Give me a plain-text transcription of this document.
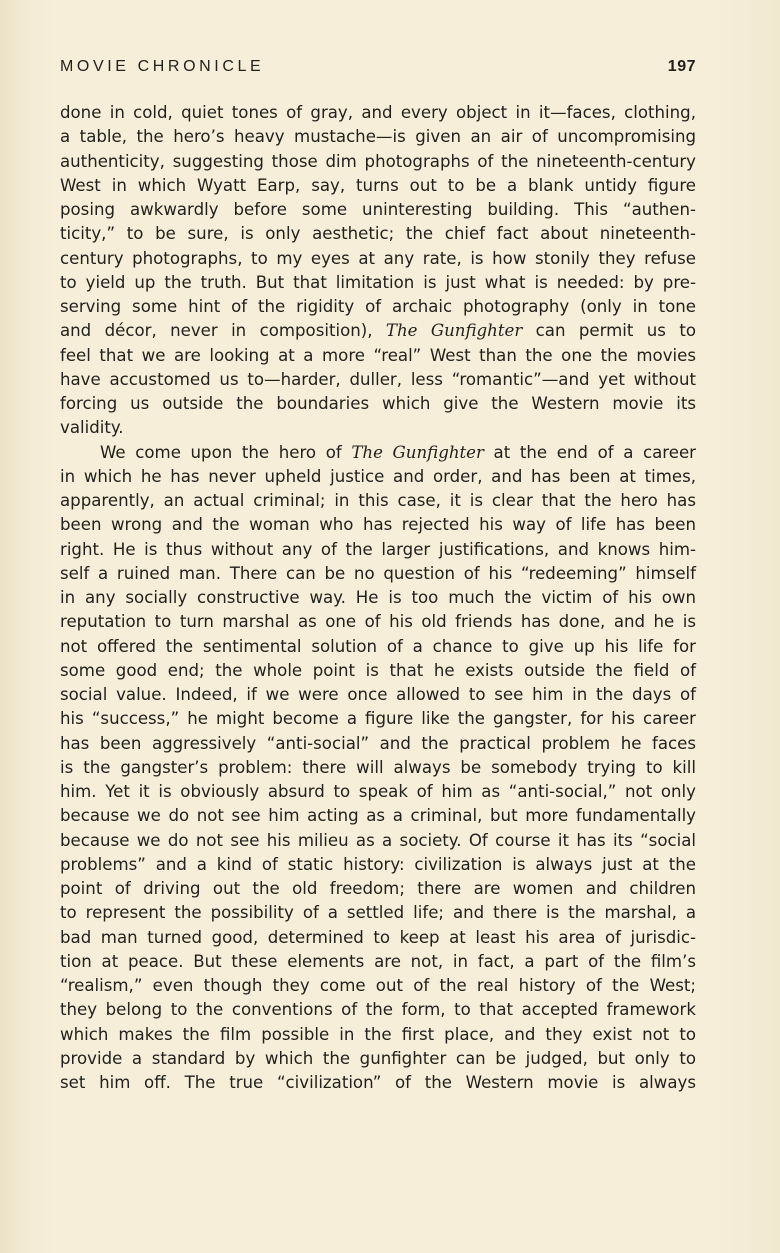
MOVIE CHRONICLE	197
done in cold, quiet tones of gray, and every object in it—faces, clothing,
a table, the hero’s heavy mustache—is given an air of uncompromising
authenticity, suggesting those dim photographs of the nineteenth-century
West in which Wyatt Earp, say, turns out to be a blank untidy figure
posing awkwardly before some uninteresting building. This “authen-
ticity,” to be sure, is only aesthetic; the chief fact about nineteenth-
century photographs, to my eyes at any rate, is how stonily they refuse
to yield up the truth. But that limitation is just what is needed: by pre-
serving some hint of the rigidity of archaic photography (only in tone
and décor, never in composition), The Gunfighter can permit us to
feel that we are looking at a more “real” West than the one the movies
have accustomed us to—harder, duller, less “romantic”—and yet without
forcing us outside the boundaries which give the Western movie its
validity.
We come upon the hero of The Gunfighter at the end of a career
in which he has never upheld justice and order, and has been at times,
apparently, an actual criminal; in this case, it is clear that the hero has
been wrong and the woman who has rejected his way of life has been
right. He is thus without any of the larger justifications, and knows him-
self a ruined man. There can be no question of his “redeeming” himself
in any socially constructive way. He is too much the victim of his own
reputation to turn marshal as one of his old friends has done, and he is
not offered the sentimental solution of a chance to give up his life for
some good end; the whole point is that he exists outside the field of
social value. Indeed, if we were once allowed to see him in the days of
his “success,” he might become a figure like the gangster, for his career
has been aggressively “anti-social” and the practical problem he faces
is the gangster’s problem: there will always be somebody trying to kill
him. Yet it is obviously absurd to speak of him as “anti-social,” not only
because we do not see him acting as a criminal, but more fundamentally
because we do not see his milieu as a society. Of course it has its “social
problems” and a kind of static history: civilization is always just at the
point of driving out the old freedom; there are women and children
to represent the possibility of a settled life; and there is the marshal, a
bad man turned good, determined to keep at least his area of jurisdic-
tion at peace. But these elements are not, in fact, a part of the film’s
“realism,” even though they come out of the real history of the West;
they belong to the conventions of the form, to that accepted framework
which makes the film possible in the first place, and they exist not to
provide a standard by which the gunfighter can be judged, but only to
set him off. The true “civilization” of the Western movie is always
